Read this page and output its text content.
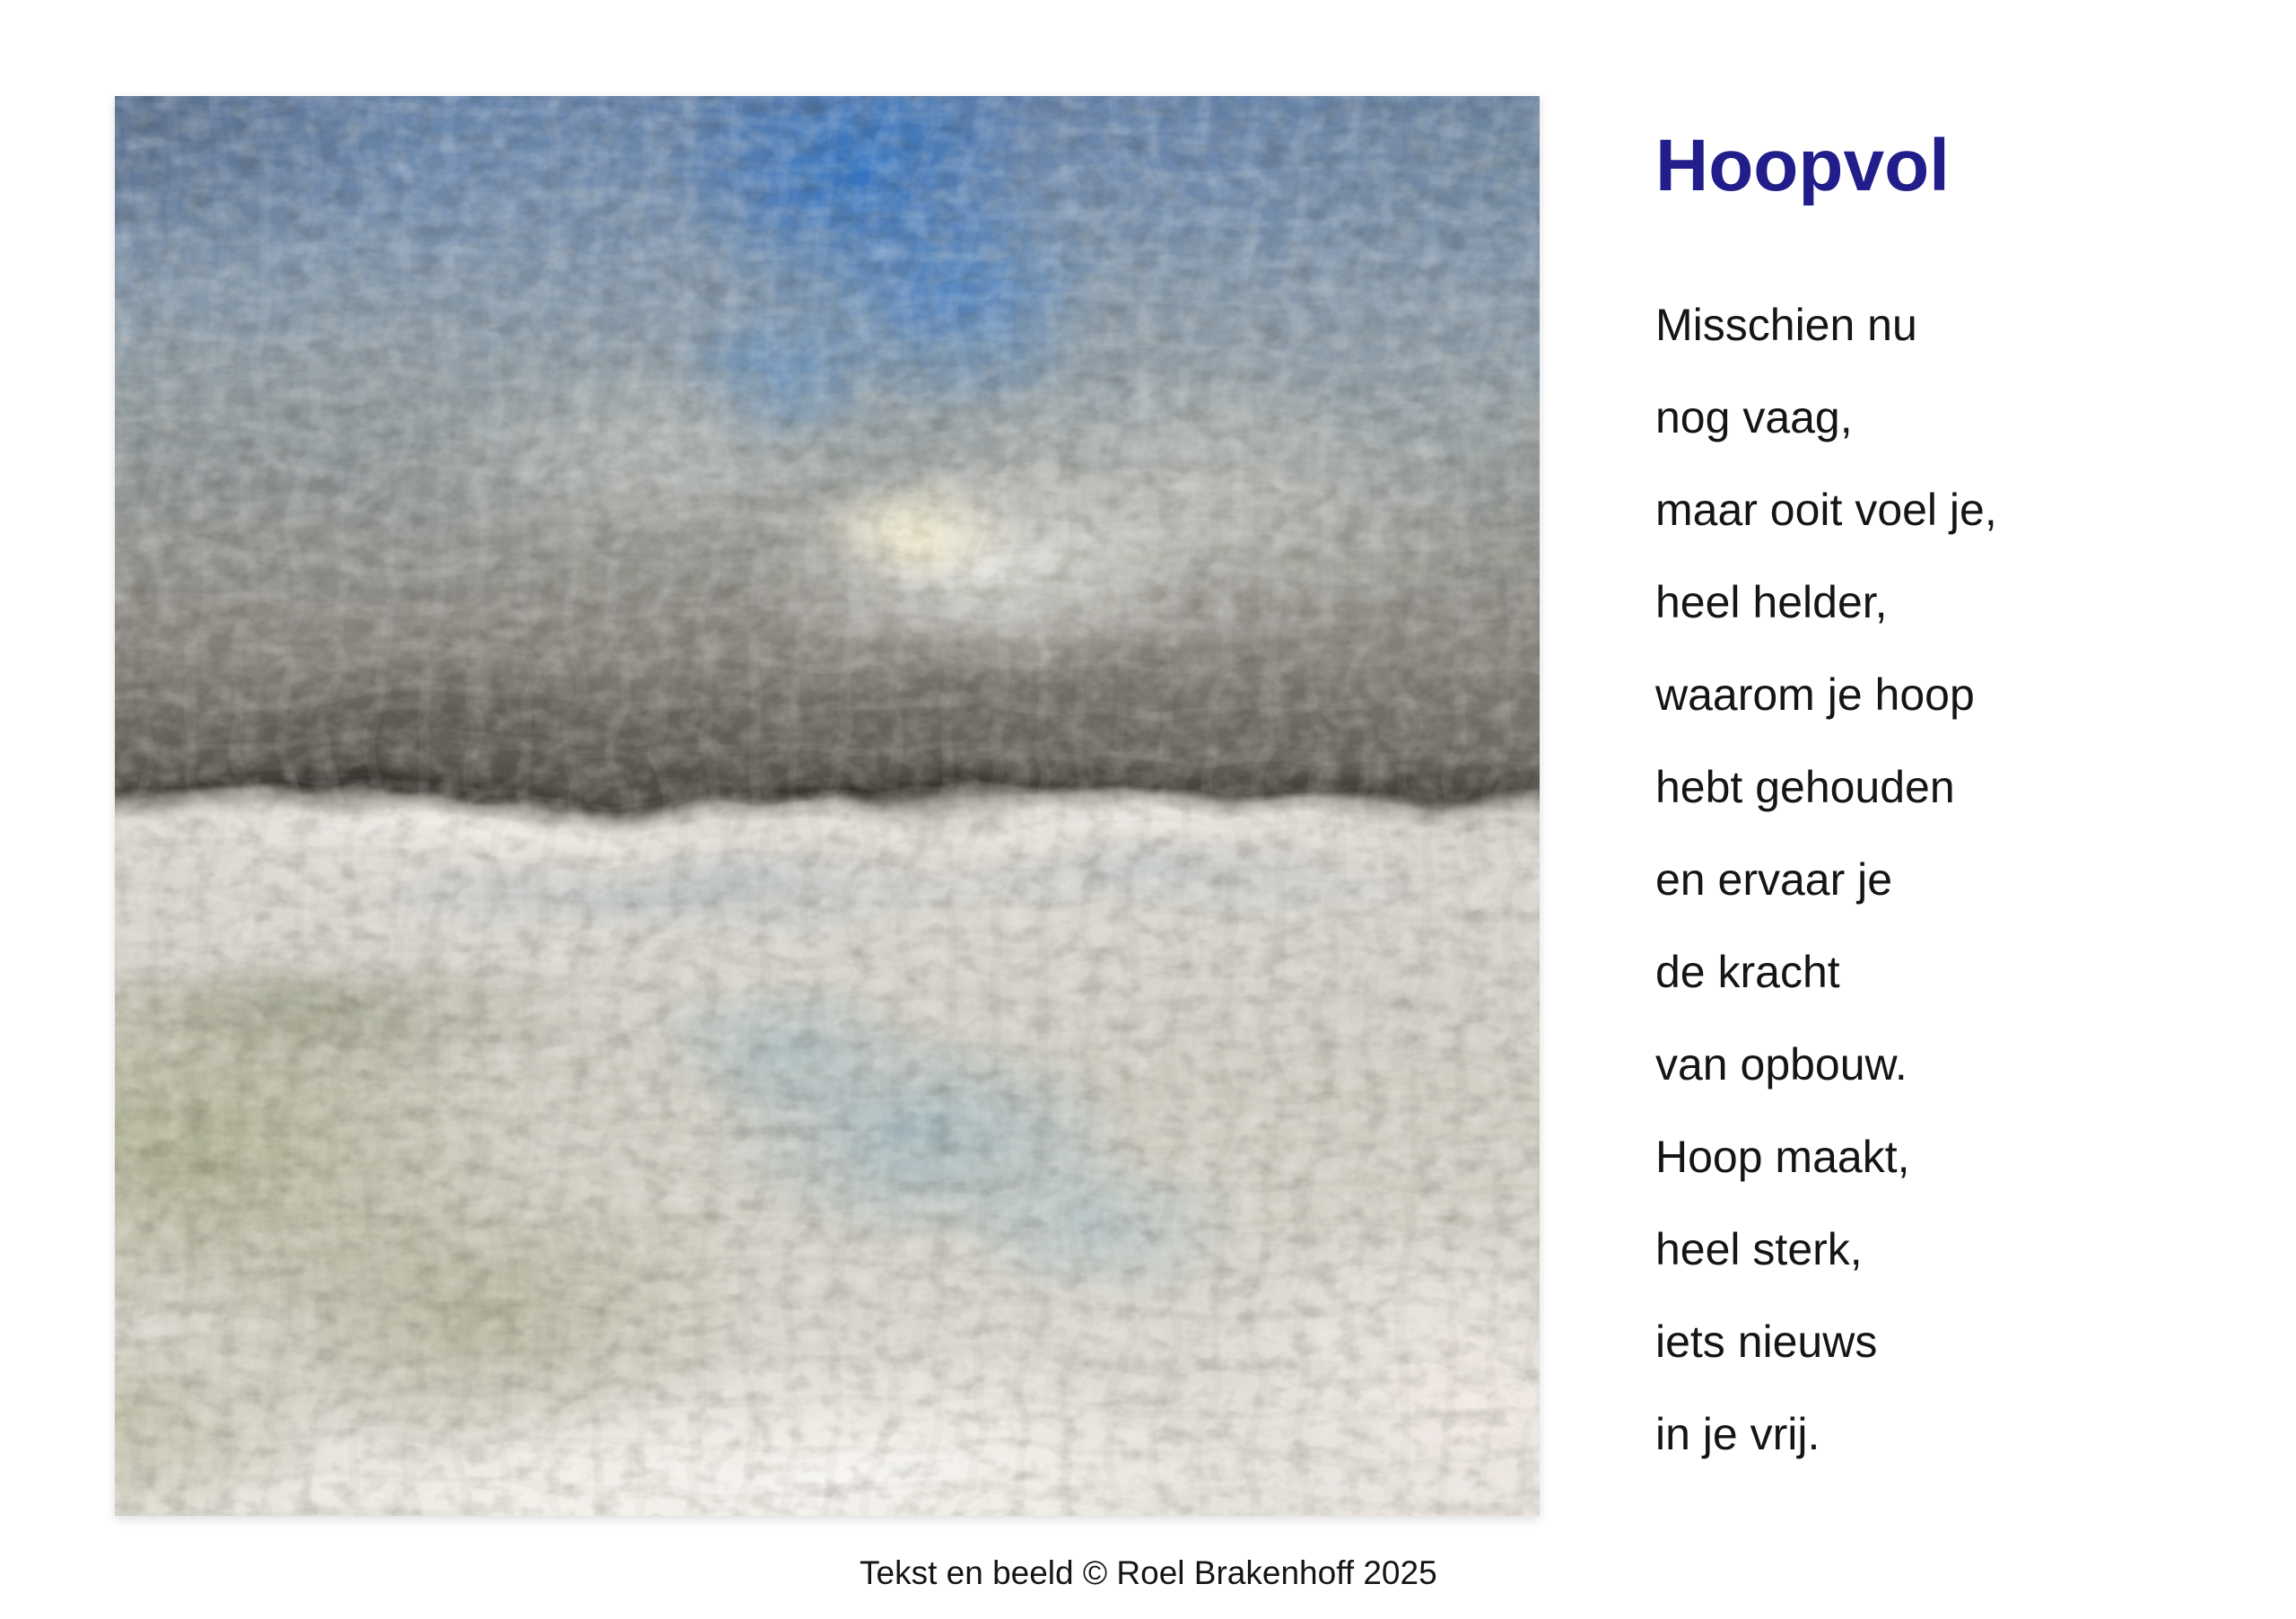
Tekst en beeld © Roel Brakenhoff 2025
Hoopvol
Misschien nu
nog vaag,
maar ooit voel je,
heel helder,
waarom je hoop
hebt gehouden
en ervaar je
de kracht
van opbouw.
Hoop maakt,
heel sterk,
iets nieuws
in je vrij.
